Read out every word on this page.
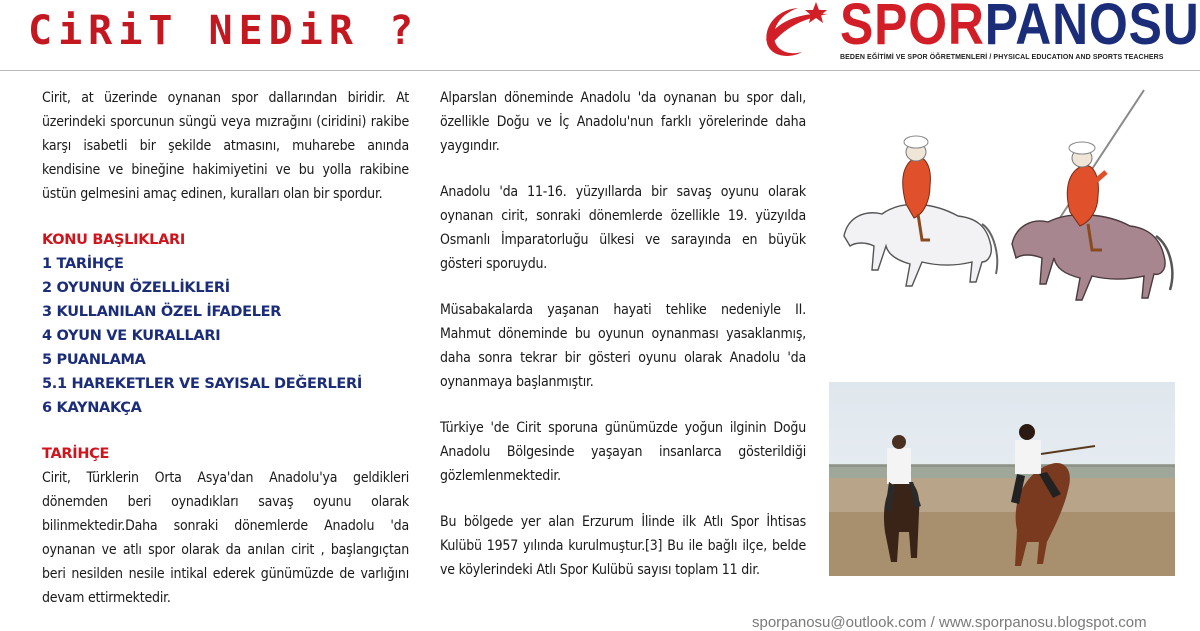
CiRiT NEDiR ?	SPORPANOSU
BEDEN EĞİTİMİ VE SPOR ÖĞRETMENLERİ / PHYSICAL EDUCATION AND SPORTS TEACHERS

Cirit, at üzerinde oynanan spor dallarından biridir. At üzerindeki sporcunun süngü veya mızrağını (ciridini) rakibe karşı isabetli bir şekilde atmasını, muharebe anında kendisine ve bineğine hakimiyetini ve bu yolla rakibine üstün gelmesini amaç edinen, kuralları olan bir spordur.

KONU BAŞLIKLARI
1 TARİHÇE
2 OYUNUN ÖZELLİKLERİ
3 KULLANILAN ÖZEL İFADELER
4 OYUN VE KURALLARI
5 PUANLAMA
5.1 HAREKETLER VE SAYISAL DEĞERLERİ
6 KAYNAKÇA
TARİHÇE

Cirit, Türklerin Orta Asya'dan Anadolu'ya geldikleri dönemden beri oynadıkları savaş oyunu olarak bilinmektedir.Daha sonraki dönemlerde Anadolu 'da oynanan ve atlı spor olarak da anılan cirit , başlangıçtan beri nesilden nesile intikal ederek günümüzde de varlığını devam ettirmektedir.

Alparslan döneminde Anadolu 'da oynanan bu spor dalı, özellikle Doğu ve İç Anadolu'nun farklı yörelerinde daha yaygındır.

Anadolu 'da 11-16. yüzyıllarda bir savaş oyunu olarak oynanan cirit, sonraki dönemlerde özellikle 19. yüzyılda Osmanlı İmparatorluğu ülkesi ve sarayında en büyük gösteri sporuydu.

Müsabakalarda yaşanan hayati tehlike nedeniyle II. Mahmut döneminde bu oyunun oynanması yasaklanmış, daha sonra tekrar bir gösteri oyunu olarak Anadolu 'da oynanmaya başlanmıştır.

Türkiye 'de Cirit sporuna günümüzde yoğun ilginin Doğu Anadolu Bölgesinde yaşayan insanlarca gösterildiği gözlemlenmektedir.

Bu bölgede yer alan Erzurum İlinde ilk Atlı Spor İhtisas Kulübü 1957 yılında kurulmuştur.[3] Bu ile bağlı ilçe, belde ve köylerindeki Atlı Spor Kulübü sayısı toplam 11 dir.

sporpanosu@outlook.com / www.sporpanosu.blogspot.com
